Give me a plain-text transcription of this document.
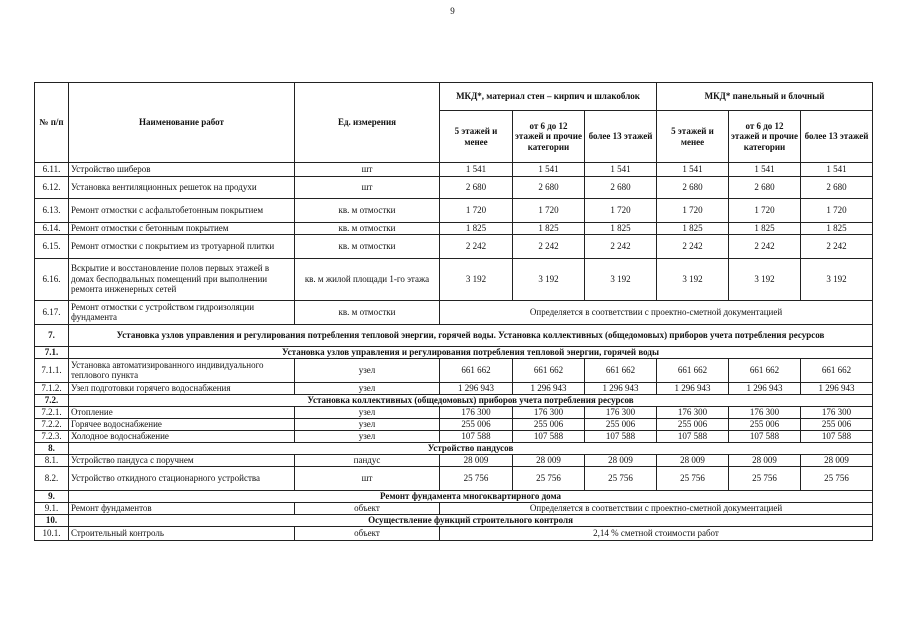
9
№ п/п	Наименование работ	Ед. измерения	МКД*, материал стен – кирпич и шлакоблок			МКД* панельный и блочный		
			5 этажей и менее	от 6 до 12 этажей и прочие категории	более 13 этажей	5 этажей и менее	от 6 до 12 этажей и прочие категории	более 13 этажей
6.11.	Устройство шиберов	шт	1 541	1 541	1 541	1 541	1 541	1 541
6.12.	Установка вентиляционных решеток на продухи	шт	2 680	2 680	2 680	2 680	2 680	2 680
6.13.	Ремонт отмостки с асфальтобетонным покрытием	кв. м отмостки	1 720	1 720	1 720	1 720	1 720	1 720
6.14.	Ремонт отмостки с бетонным покрытием	кв. м отмостки	1 825	1 825	1 825	1 825	1 825	1 825
6.15.	Ремонт отмостки с покрытием из тротуарной плитки	кв. м отмостки	2 242	2 242	2 242	2 242	2 242	2 242
6.16.	Вскрытие и восстановление полов первых этажей в домах бесподвальных помещений при выполнении ремонта инженерных сетей	кв. м жилой площади 1-го этажа	3 192	3 192	3 192	3 192	3 192	3 192
6.17.	Ремонт отмостки с устройством гидроизоляции фундамента	кв. м отмостки	Определяется в соответствии с проектно-сметной документацией					
7.	Установка узлов управления и регулирования потребления тепловой энергии, горячей воды. Установка коллективных (общедомовых) приборов учета потребления ресурсов							
7.1.	Установка узлов управления и регулирования потребления тепловой энергии, горячей воды							
7.1.1.	Установка автоматизированного индивидуального теплового пункта	узел	661 662	661 662	661 662	661 662	661 662	661 662
7.1.2.	Узел подготовки горячего водоснабжения	узел	1 296 943	1 296 943	1 296 943	1 296 943	1 296 943	1 296 943
7.2.	Установка коллективных (общедомовых) приборов учета потребления ресурсов							
7.2.1.	Отопление	узел	176 300	176 300	176 300	176 300	176 300	176 300
7.2.2.	Горячее водоснабжение	узел	255 006	255 006	255 006	255 006	255 006	255 006
7.2.3.	Холодное водоснабжение	узел	107 588	107 588	107 588	107 588	107 588	107 588
8.	Устройство пандусов							
8.1.	Устройство пандуса с поручнем	пандус	28 009	28 009	28 009	28 009	28 009	28 009
8.2.	Устройство откидного стационарного устройства	шт	25 756	25 756	25 756	25 756	25 756	25 756
9.	Ремонт фундамента многоквартирного дома							
9.1.	Ремонт фундаментов	объект	Определяется в соответствии с проектно-сметной документацией					
10.	Осуществление функций строительного контроля							
10.1.	Строительный контроль	объект	2,14 % сметной стоимости работ					
